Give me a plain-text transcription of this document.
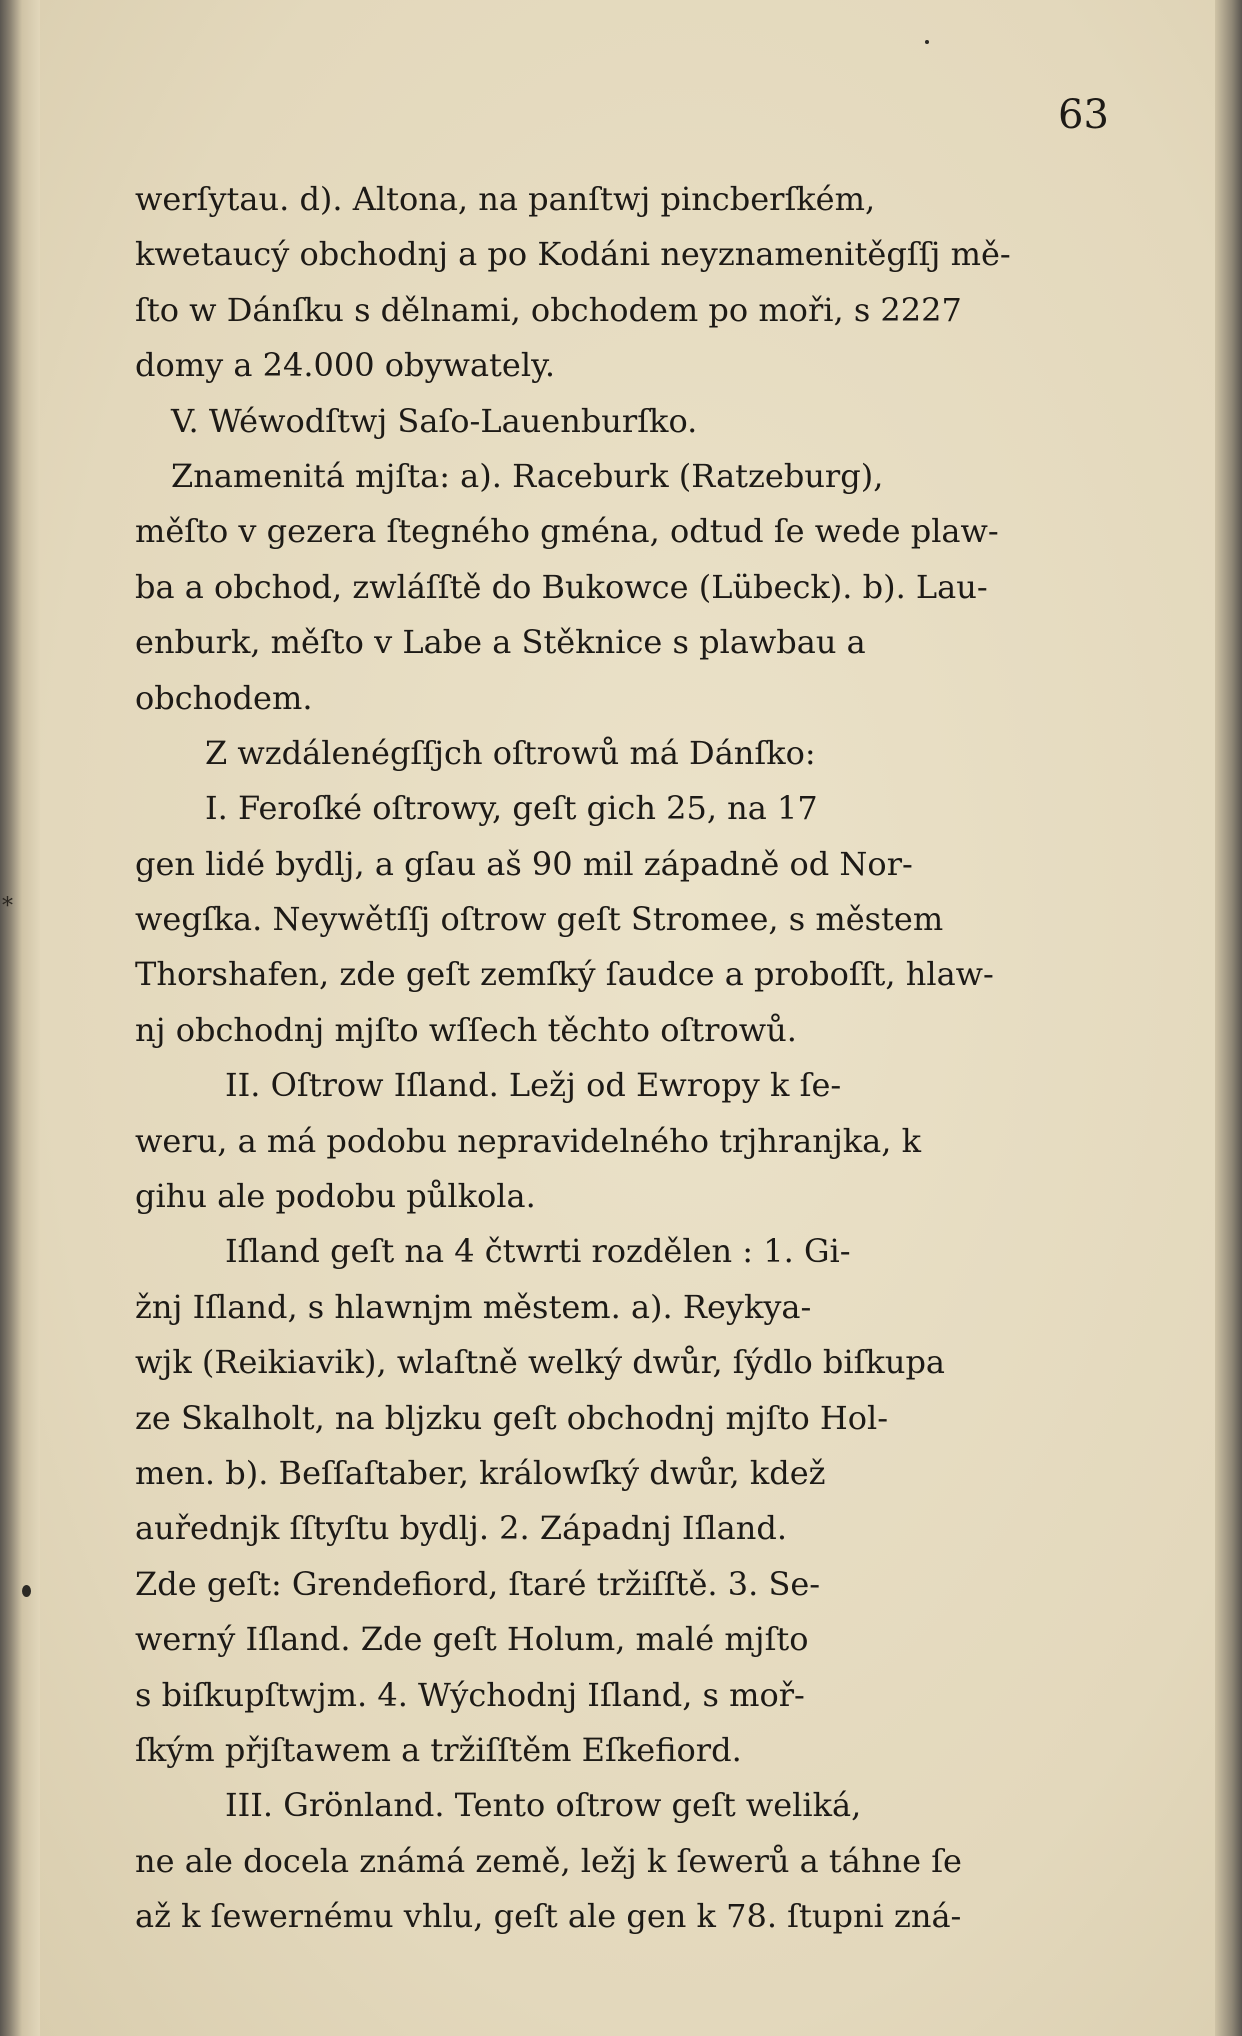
63
*
werſytau. d). Altona, na panſtwj pincberſkém,
kwetaucý obchodnj a po Kodáni neyznamenitěgſſj mě-
ſto w Dánſku s dělnami, obchodem po moři, s 2227
domy a 24.000 obywately.
V. Wéwodſtwj Saſo-Lauenburſko.
Znamenitá mjſta: a). Raceburk (Ratzeburg),
měſto v gezera ſtegného gména, odtud ſe wede plaw-
ba a obchod, zwláſſtě do Bukowce (Lübeck). b). Lau-
enburk, měſto v Labe a Stěknice s plawbau a
obchodem.
Z wzdálenégſſjch oſtrowů má Dánſko:
I. Feroſké oſtrowy, geſt gich 25, na 17
gen lidé bydlj, a gſau aš 90 mil západně od Nor-
wegſka. Neywětſſj oſtrow geſt Stromee, s městem
Thorshafen, zde geſt zemſký ſaudce a proboſſt, hlaw-
nj obchodnj mjſto wſſech těchto oſtrowů.
II. Oſtrow Iſland. Ležj od Ewropy k ſe-
weru, a má podobu nepravidelného trjhranjka, k
gihu ale podobu půlkola.
Iſland geſt na 4 čtwrti rozdělen : 1. Gi-
žnj Iſland, s hlawnjm městem. a). Reykya-
wjk (Reikiavik), wlaſtně welký dwůr, ſýdlo biſkupa
ze Skalholt, na bljzku geſt obchodnj mjſto Hol-
men. b). Beſſaſtaber, králowſký dwůr, kdež
auřednjk ſſtyſtu bydlj. 2. Západnj Iſland.
Zde geſt: Grendefiord, ſtaré tržiſſtě. 3. Se-
werný Iſland. Zde geſt Holum, malé mjſto
s biſkupſtwjm. 4. Wýchodnj Iſland, s moř-
ſkým přjſtawem a tržiſſtěm Eſkefiord.
III. Grönland. Tento oſtrow geſt weliká,
ne ale docela známá země, ležj k ſewerů a táhne ſe
až k ſewernému vhlu, geſt ale gen k 78. ſtupni zná-
